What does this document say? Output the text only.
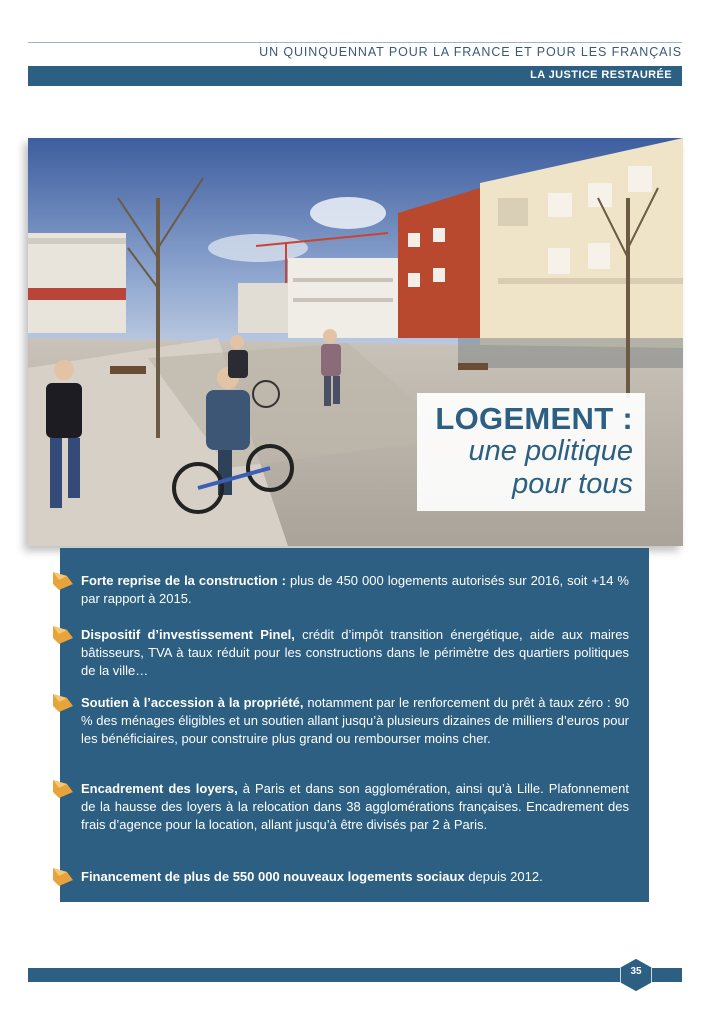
UN QUINQUENNAT POUR LA FRANCE ET POUR LES FRANÇAIS
LA JUSTICE RESTAURÉE
LOGEMENT :
une politique
pour tous
Forte reprise de la construction : plus de 450 000 logements autorisés sur 2016, soit +14 % par rapport à 2015.
Dispositif d’investissement Pinel, crédit d’impôt transition énergétique, aide aux maires bâtisseurs, TVA à taux réduit pour les constructions dans le périmètre des quartiers politiques de la ville…
Soutien à l’accession à la propriété, notamment par le renforcement du prêt à taux zéro : 90 % des ménages éligibles et un soutien allant jusqu’à plusieurs dizaines de milliers d’euros pour les bénéficiaires, pour construire plus grand ou rembourser moins cher.
Encadrement des loyers, à Paris et dans son agglomération, ainsi qu’à Lille. Plafonnement de la hausse des loyers à la relocation dans 38 agglomérations françaises. Encadrement des frais d’agence pour la location, allant jusqu’à être divisés par 2 à Paris.
Financement de plus de 550 000 nouveaux logements sociaux depuis 2012.
35
